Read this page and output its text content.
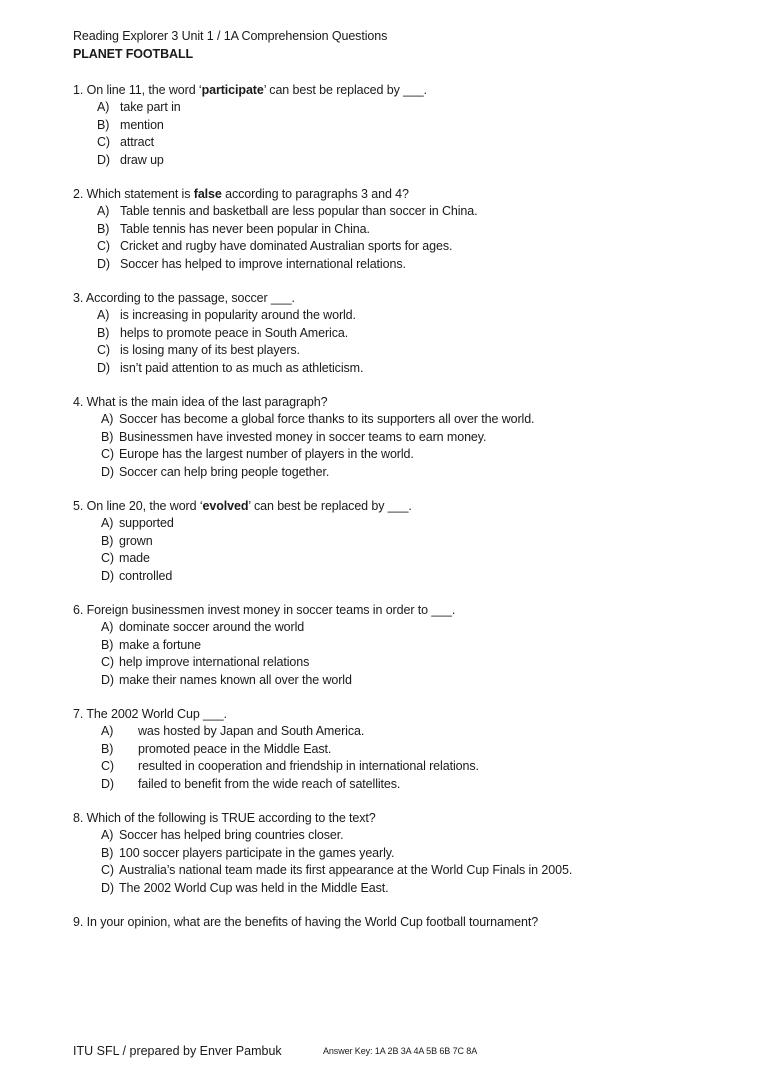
Reading Explorer 3 Unit 1 / 1A Comprehension Questions
PLANET FOOTBALL
1. On line 11, the word ‘participate’ can best be replaced by ___.
A) take part in
B) mention
C) attract
D) draw up
2. Which statement is false according to paragraphs 3 and 4?
A) Table tennis and basketball are less popular than soccer in China.
B) Table tennis has never been popular in China.
C) Cricket and rugby have dominated Australian sports for ages.
D) Soccer has helped to improve international relations.
3. According to the passage, soccer ___.
A) is increasing in popularity around the world.
B) helps to promote peace in South America.
C) is losing many of its best players.
D) isn’t paid attention to as much as athleticism.
4. What is the main idea of the last paragraph?
A) Soccer has become a global force thanks to its supporters all over the world.
B) Businessmen have invested money in soccer teams to earn money.
C) Europe has the largest number of players in the world.
D) Soccer can help bring people together.
5. On line 20, the word ‘evolved’ can best be replaced by ___.
A) supported
B) grown
C) made
D) controlled
6. Foreign businessmen invest money in soccer teams in order to ___.
A) dominate soccer around the world
B) make a fortune
C) help improve international relations
D) make their names known all over the world
7. The 2002 World Cup ___.
A) was hosted by Japan and South America.
B) promoted peace in the Middle East.
C) resulted in cooperation and friendship in international relations.
D) failed to benefit from the wide reach of satellites.
8. Which of the following is TRUE according to the text?
A) Soccer has helped bring countries closer.
B) 100 soccer players participate in the games yearly.
C) Australia’s national team made its first appearance at the World Cup Finals in 2005.
D) The 2002 World Cup was held in the Middle East.
9. In your opinion, what are the benefits of having the World Cup football tournament?
ITU SFL / prepared by Enver Pambuk	Answer Key: 1A 2B 3A 4A 5B 6B 7C 8A
